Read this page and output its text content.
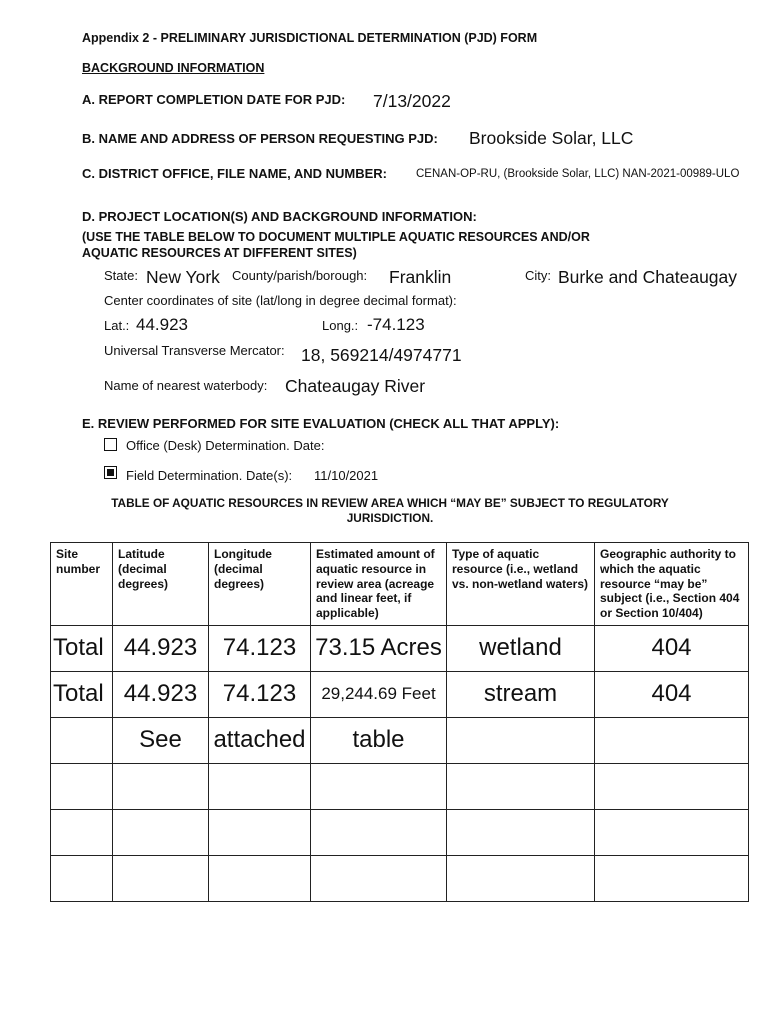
Appendix 2 - PRELIMINARY JURISDICTIONAL DETERMINATION (PJD) FORM
BACKGROUND INFORMATION
A. REPORT COMPLETION DATE FOR PJD: 7/13/2022
B. NAME AND ADDRESS OF PERSON REQUESTING PJD: Brookside Solar, LLC
C. DISTRICT OFFICE, FILE NAME, AND NUMBER:	CENAN-OP-RU, (Brookside Solar, LLC) NAN-2021-00989-ULO
D. PROJECT LOCATION(S) AND BACKGROUND INFORMATION:
(USE THE TABLE BELOW TO DOCUMENT MULTIPLE AQUATIC RESOURCES AND/OR
AQUATIC RESOURCES AT DIFFERENT SITES)
State: New York County/parish/borough: Franklin	City: Burke and Chateaugay
Center coordinates of site (lat/long in degree decimal format):
Lat.: 44.923	Long.: -74.123
Universal Transverse Mercator: 18, 569214/4974771
Name of nearest waterbody: Chateaugay River
E. REVIEW PERFORMED FOR SITE EVALUATION (CHECK ALL THAT APPLY):
Office (Desk) Determination. Date:
Field Determination. Date(s): 11/10/2021
TABLE OF AQUATIC RESOURCES IN REVIEW AREA WHICH “MAY BE” SUBJECT TO REGULATORY
JURISDICTION.
Site number	Latitude (decimal degrees)	Longitude (decimal degrees)	Estimated amount of aquatic resource in review area (acreage and linear feet, if applicable)	Type of aquatic resource (i.e., wetland vs. non-wetland waters)	Geographic authority to which the aquatic resource “may be” subject (i.e., Section 404 or Section 10/404)
Total	44.923	74.123	73.15 Acres	wetland	404
Total	44.923	74.123	29,244.69 Feet	stream	404
	See	attached	table		
